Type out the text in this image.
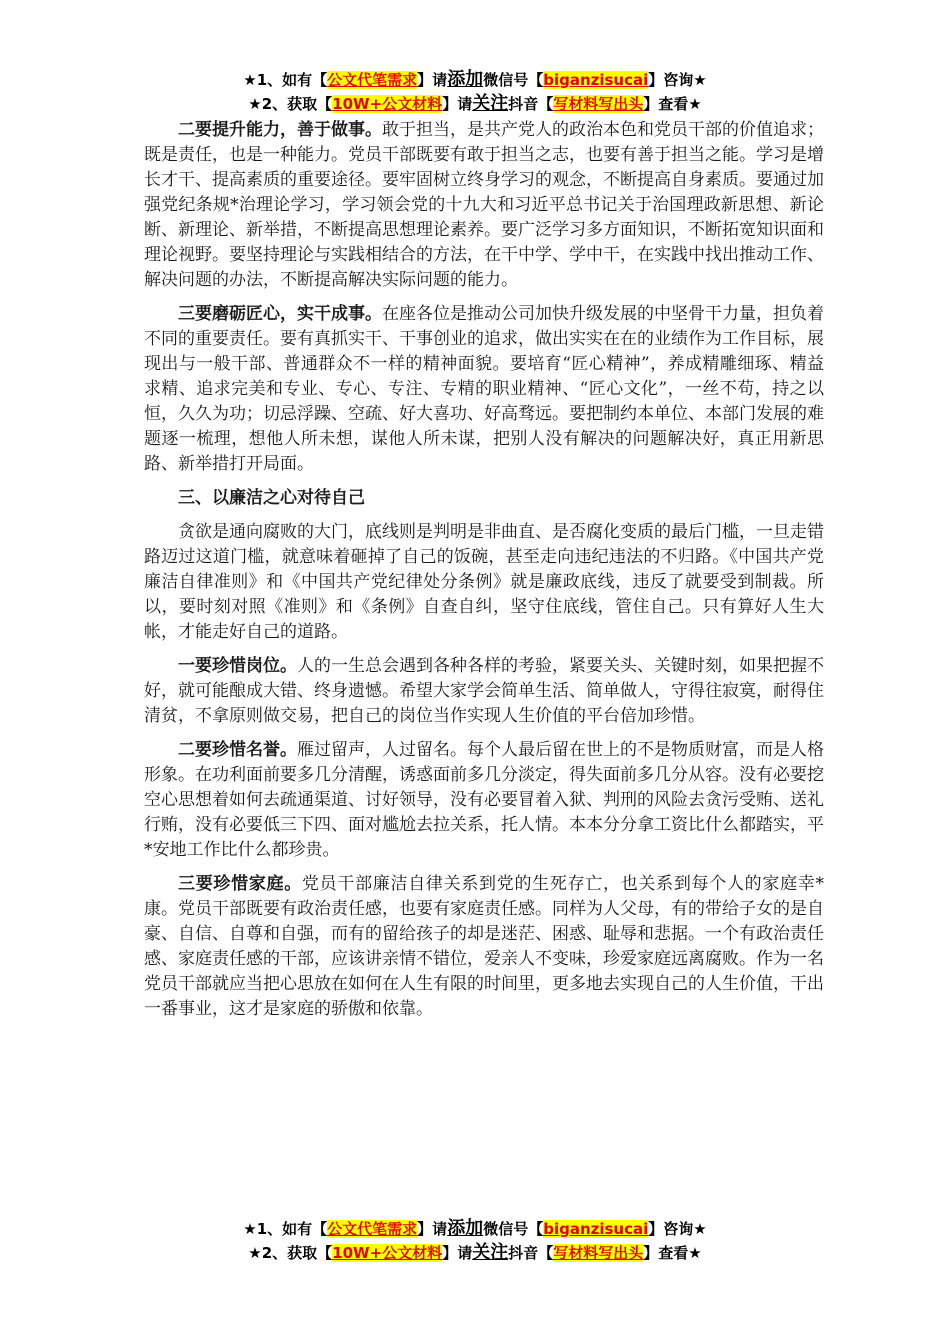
★1、如有【公文代笔需求】请添加微信号【biganzisucai】咨询★
★2、获取【10W+公文材料】请关注抖音【写材料写出头】查看★

二要提升能力，善于做事。敢于担当，是共产党人的政治本色和党员干部的价值追求；既是责任，也是一种能力。党员干部既要有敢于担当之志，也要有善于担当之能。学习是增长才干、提高素质的重要途径。要牢固树立终身学习的观念，不断提高自身素质。要通过加强党纪条规*治理论学习，学习领会党的十九大和习近平总书记关于治国理政新思想、新论断、新理论、新举措，不断提高思想理论素养。要广泛学习多方面知识，不断拓宽知识面和理论视野。要坚持理论与实践相结合的方法，在干中学、学中干，在实践中找出推动工作、解决问题的办法，不断提高解决实际问题的能力。

三要磨砺匠心，实干成事。在座各位是推动公司加快升级发展的中坚骨干力量，担负着不同的重要责任。要有真抓实干、干事创业的追求，做出实实在在的业绩作为工作目标，展现出与一般干部、普通群众不一样的精神面貌。要培育“匠心精神”，养成精雕细琢、精益求精、追求完美和专业、专心、专注、专精的职业精神、“匠心文化”，一丝不苟，持之以恒，久久为功；切忌浮躁、空疏、好大喜功、好高骛远。要把制约本单位、本部门发展的难题逐一梳理，想他人所未想，谋他人所未谋，把别人没有解决的问题解决好，真正用新思路、新举措打开局面。

三、以廉洁之心对待自己

贪欲是通向腐败的大门，底线则是判明是非曲直、是否腐化变质的最后门槛，一旦走错路迈过这道门槛，就意味着砸掉了自己的饭碗，甚至走向违纪违法的不归路。《中国共产党廉洁自律准则》和《中国共产党纪律处分条例》就是廉政底线，违反了就要受到制裁。所以，要时刻对照《准则》和《条例》自查自纠，坚守住底线，管住自己。只有算好人生大帐，才能走好自己的道路。

一要珍惜岗位。人的一生总会遇到各种各样的考验，紧要关头、关键时刻，如果把握不好，就可能酿成大错、终身遗憾。希望大家学会简单生活、简单做人，守得往寂寞，耐得住清贫，不拿原则做交易，把自己的岗位当作实现人生价值的平台倍加珍惜。

二要珍惜名誉。雁过留声，人过留名。每个人最后留在世上的不是物质财富，而是人格形象。在功利面前要多几分清醒，诱惑面前多几分淡定，得失面前多几分从容。没有必要挖空心思想着如何去疏通渠道、讨好领导，没有必要冒着入狱、判刑的风险去贪污受贿、送礼行贿，没有必要低三下四、面对尴尬去拉关系，托人情。本本分分拿工资比什么都踏实，平*安地工作比什么都珍贵。

三要珍惜家庭。党员干部廉洁自律关系到党的生死存亡，也关系到每个人的家庭幸*康。党员干部既要有政治责任感，也要有家庭责任感。同样为人父母，有的带给子女的是自豪、自信、自尊和自强，而有的留给孩子的却是迷茫、困惑、耻辱和悲据。一个有政治责任感、家庭责任感的干部，应该讲亲情不错位，爱亲人不变味，珍爱家庭远离腐败。作为一名党员干部就应当把心思放在如何在人生有限的时间里，更多地去实现自己的人生价值，干出一番事业，这才是家庭的骄傲和依靠。

★1、如有【公文代笔需求】请添加微信号【biganzisucai】咨询★
★2、获取【10W+公文材料】请关注抖音【写材料写出头】查看★
